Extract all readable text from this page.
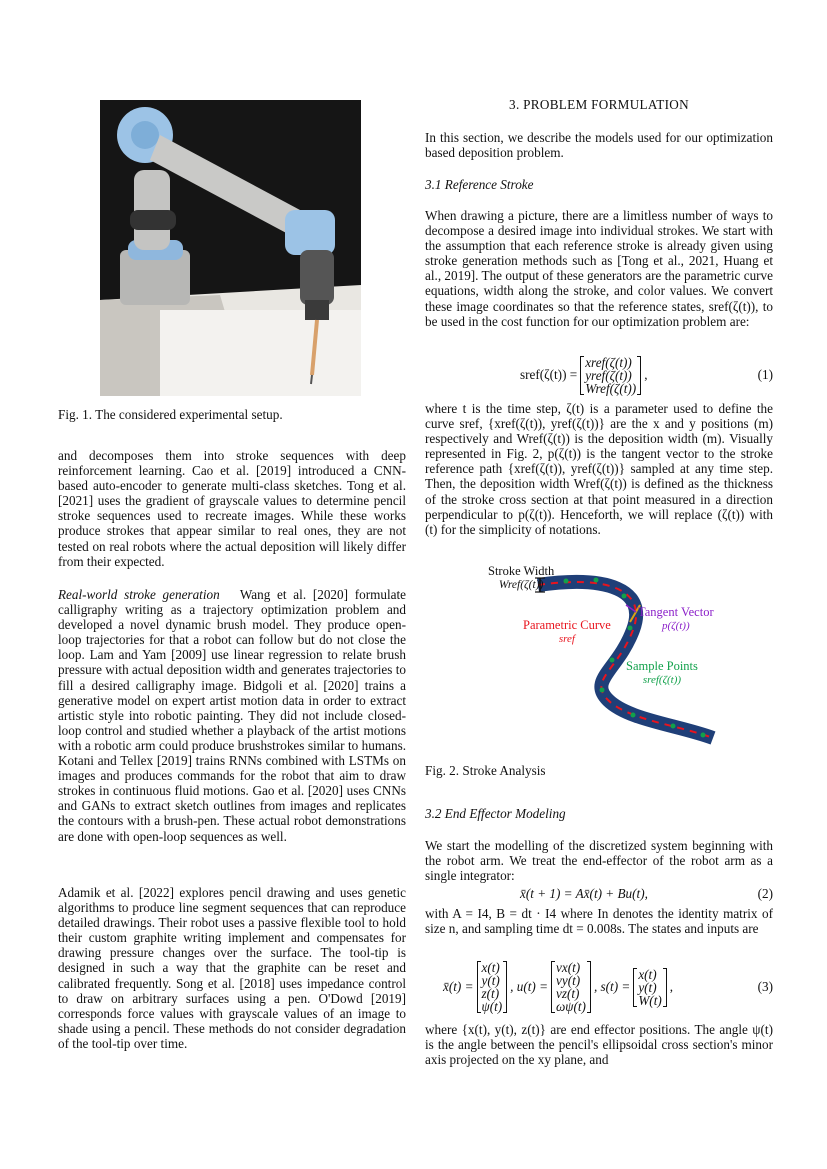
Fig. 1. The considered experimental setup.

and decomposes them into stroke sequences with deep reinforcement learning. Cao et al. [2019] introduced a CNN-based auto-encoder to generate multi-class sketches. Tong et al. [2021] uses the gradient of grayscale values to determine pencil stroke sequences used to recreate images. While these works produce strokes that appear similar to real ones, they are not tested on real robots where the actual deposition will likely differ from their expected.

Real-world stroke generation Wang et al. [2020] formulate calligraphy writing as a trajectory optimization problem and developed a novel dynamic brush model. They produce open-loop trajectories for that a robot can follow but do not close the loop. Lam and Yam [2009] use linear regression to relate brush pressure with actual deposition width and generates trajectories to fill a desired calligraphy image. Bidgoli et al. [2020] trains a generative model on expert artist motion data in order to extract artistic style into robotic painting. They did not include closed-loop control and studied whether a playback of the artist motions with a robotic arm could produce brushstrokes similar to humans. Kotani and Tellex [2019] trains RNNs combined with LSTMs on images and produces commands for the robot that aim to draw strokes in continuous fluid motions. Gao et al. [2020] uses CNNs and GANs to extract sketch outlines from images and replicates the contours with a brush-pen. These actual robot demonstrations are done with open-loop sequences as well.

Adamik et al. [2022] explores pencil drawing and uses genetic algorithms to produce line segment sequences that can reproduce detailed drawings. Their robot uses a passive flexible tool to hold their custom graphite writing implement and compensates for drawing pressure changes over the surface. The tool-tip is designed in such a way that the graphite can be reset and calibrated frequently. Song et al. [2018] uses impedance control to draw on arbitrary surfaces using a pen. O'Dowd [2019] corresponds force values with grayscale values of an image to shade using a pencil. These methods do not consider degradation of the tool-tip over time.

3. PROBLEM FORMULATION

In this section, we describe the models used for our optimization based deposition problem.

3.1 Reference Stroke

When drawing a picture, there are a limitless number of ways to decompose a desired image into individual strokes. We start with the assumption that each reference stroke is already given using stroke generation methods such as [Tong et al., 2021, Huang et al., 2019]. The output of these generators are the parametric curve equations, width along the stroke, and color values. We convert these image coordinates so that the reference states, sref(ζ(t)), to be used in the cost function for our optimization problem are:

sref(ζ(t)) =
xref(ζ(t))
yref(ζ(t))
Wref(ζ(t))
,	(1)

where t is the time step, ζ(t) is a parameter used to define the curve sref, {xref(ζ(t)), yref(ζ(t))} are the x and y positions (m) respectively and Wref(ζ(t)) is the deposition width (m). Visually represented in Fig. 2, p(ζ(t)) is the tangent vector to the stroke reference path {xref(ζ(t)), yref(ζ(t))} sampled at any time step. Then, the deposition width Wref(ζ(t)) is defined as the thickness of the stroke cross section at that point measured in a direction perpendicular to p(ζ(t)). Henceforth, we will replace (ζ(t)) with (t) for the simplicity of notations.

Stroke Width
Wref(ζ(t))
Parametric Curve
sref
Tangent Vector
p(ζ(t))
Sample Points
sref(ζ(t))
Fig. 2. Stroke Analysis
3.2 End Effector Modeling

We start the modelling of the discretized system beginning with the robot arm. We treat the end-effector of the robot arm as a single integrator:

x̄(t + 1) = Ax̄(t) + Bu(t),	(2)

with A = I4, B = dt · I4 where In denotes the identity matrix of size n, and sampling time dt = 0.008s. The states and inputs are

x̄(t) =
x(t)
y(t)
z(t)
ψ(t)
, u(t) =
vx(t)
vy(t)
vz(t)
ωψ(t)
, s(t) =
x(t)
y(t)
W(t)
,	(3)

where {x(t), y(t), z(t)} are end effector positions. The angle ψ(t) is the angle between the pencil's ellipsoidal cross section's minor axis projected on the xy plane, and
